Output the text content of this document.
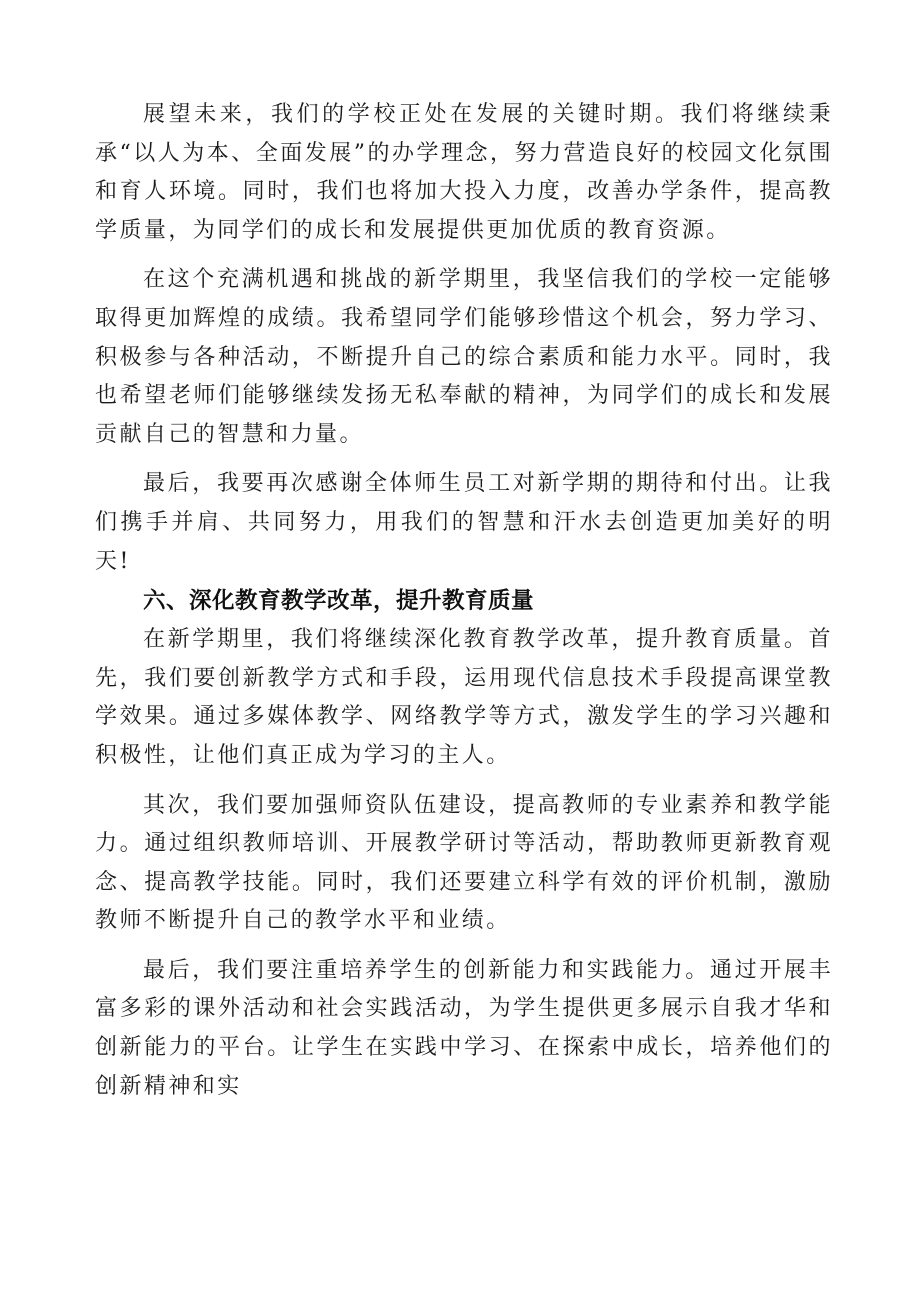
展望未来，我们的学校正处在发展的关键时期。我们将继续秉承“以人为本、全面发展”的办学理念，努力营造良好的校园文化氛围和育人环境。同时，我们也将加大投入力度，改善办学条件，提高教学质量，为同学们的成长和发展提供更加优质的教育资源。

在这个充满机遇和挑战的新学期里，我坚信我们的学校一定能够取得更加辉煌的成绩。我希望同学们能够珍惜这个机会，努力学习、积极参与各种活动，不断提升自己的综合素质和能力水平。同时，我也希望老师们能够继续发扬无私奉献的精神，为同学们的成长和发展贡献自己的智慧和力量。

最后，我要再次感谢全体师生员工对新学期的期待和付出。让我们携手并肩、共同努力，用我们的智慧和汗水去创造更加美好的明天!

六、深化教育教学改革，提升教育质量

在新学期里，我们将继续深化教育教学改革，提升教育质量。首先，我们要创新教学方式和手段，运用现代信息技术手段提高课堂教学效果。通过多媒体教学、网络教学等方式，激发学生的学习兴趣和积极性，让他们真正成为学习的主人。

其次，我们要加强师资队伍建设，提高教师的专业素养和教学能力。通过组织教师培训、开展教学研讨等活动，帮助教师更新教育观念、提高教学技能。同时，我们还要建立科学有效的评价机制，激励教师不断提升自己的教学水平和业绩。

最后，我们要注重培养学生的创新能力和实践能力。通过开展丰富多彩的课外活动和社会实践活动，为学生提供更多展示自我才华和创新能力的平台。让学生在实践中学习、在探索中成长，培养他们的创新精神和实
